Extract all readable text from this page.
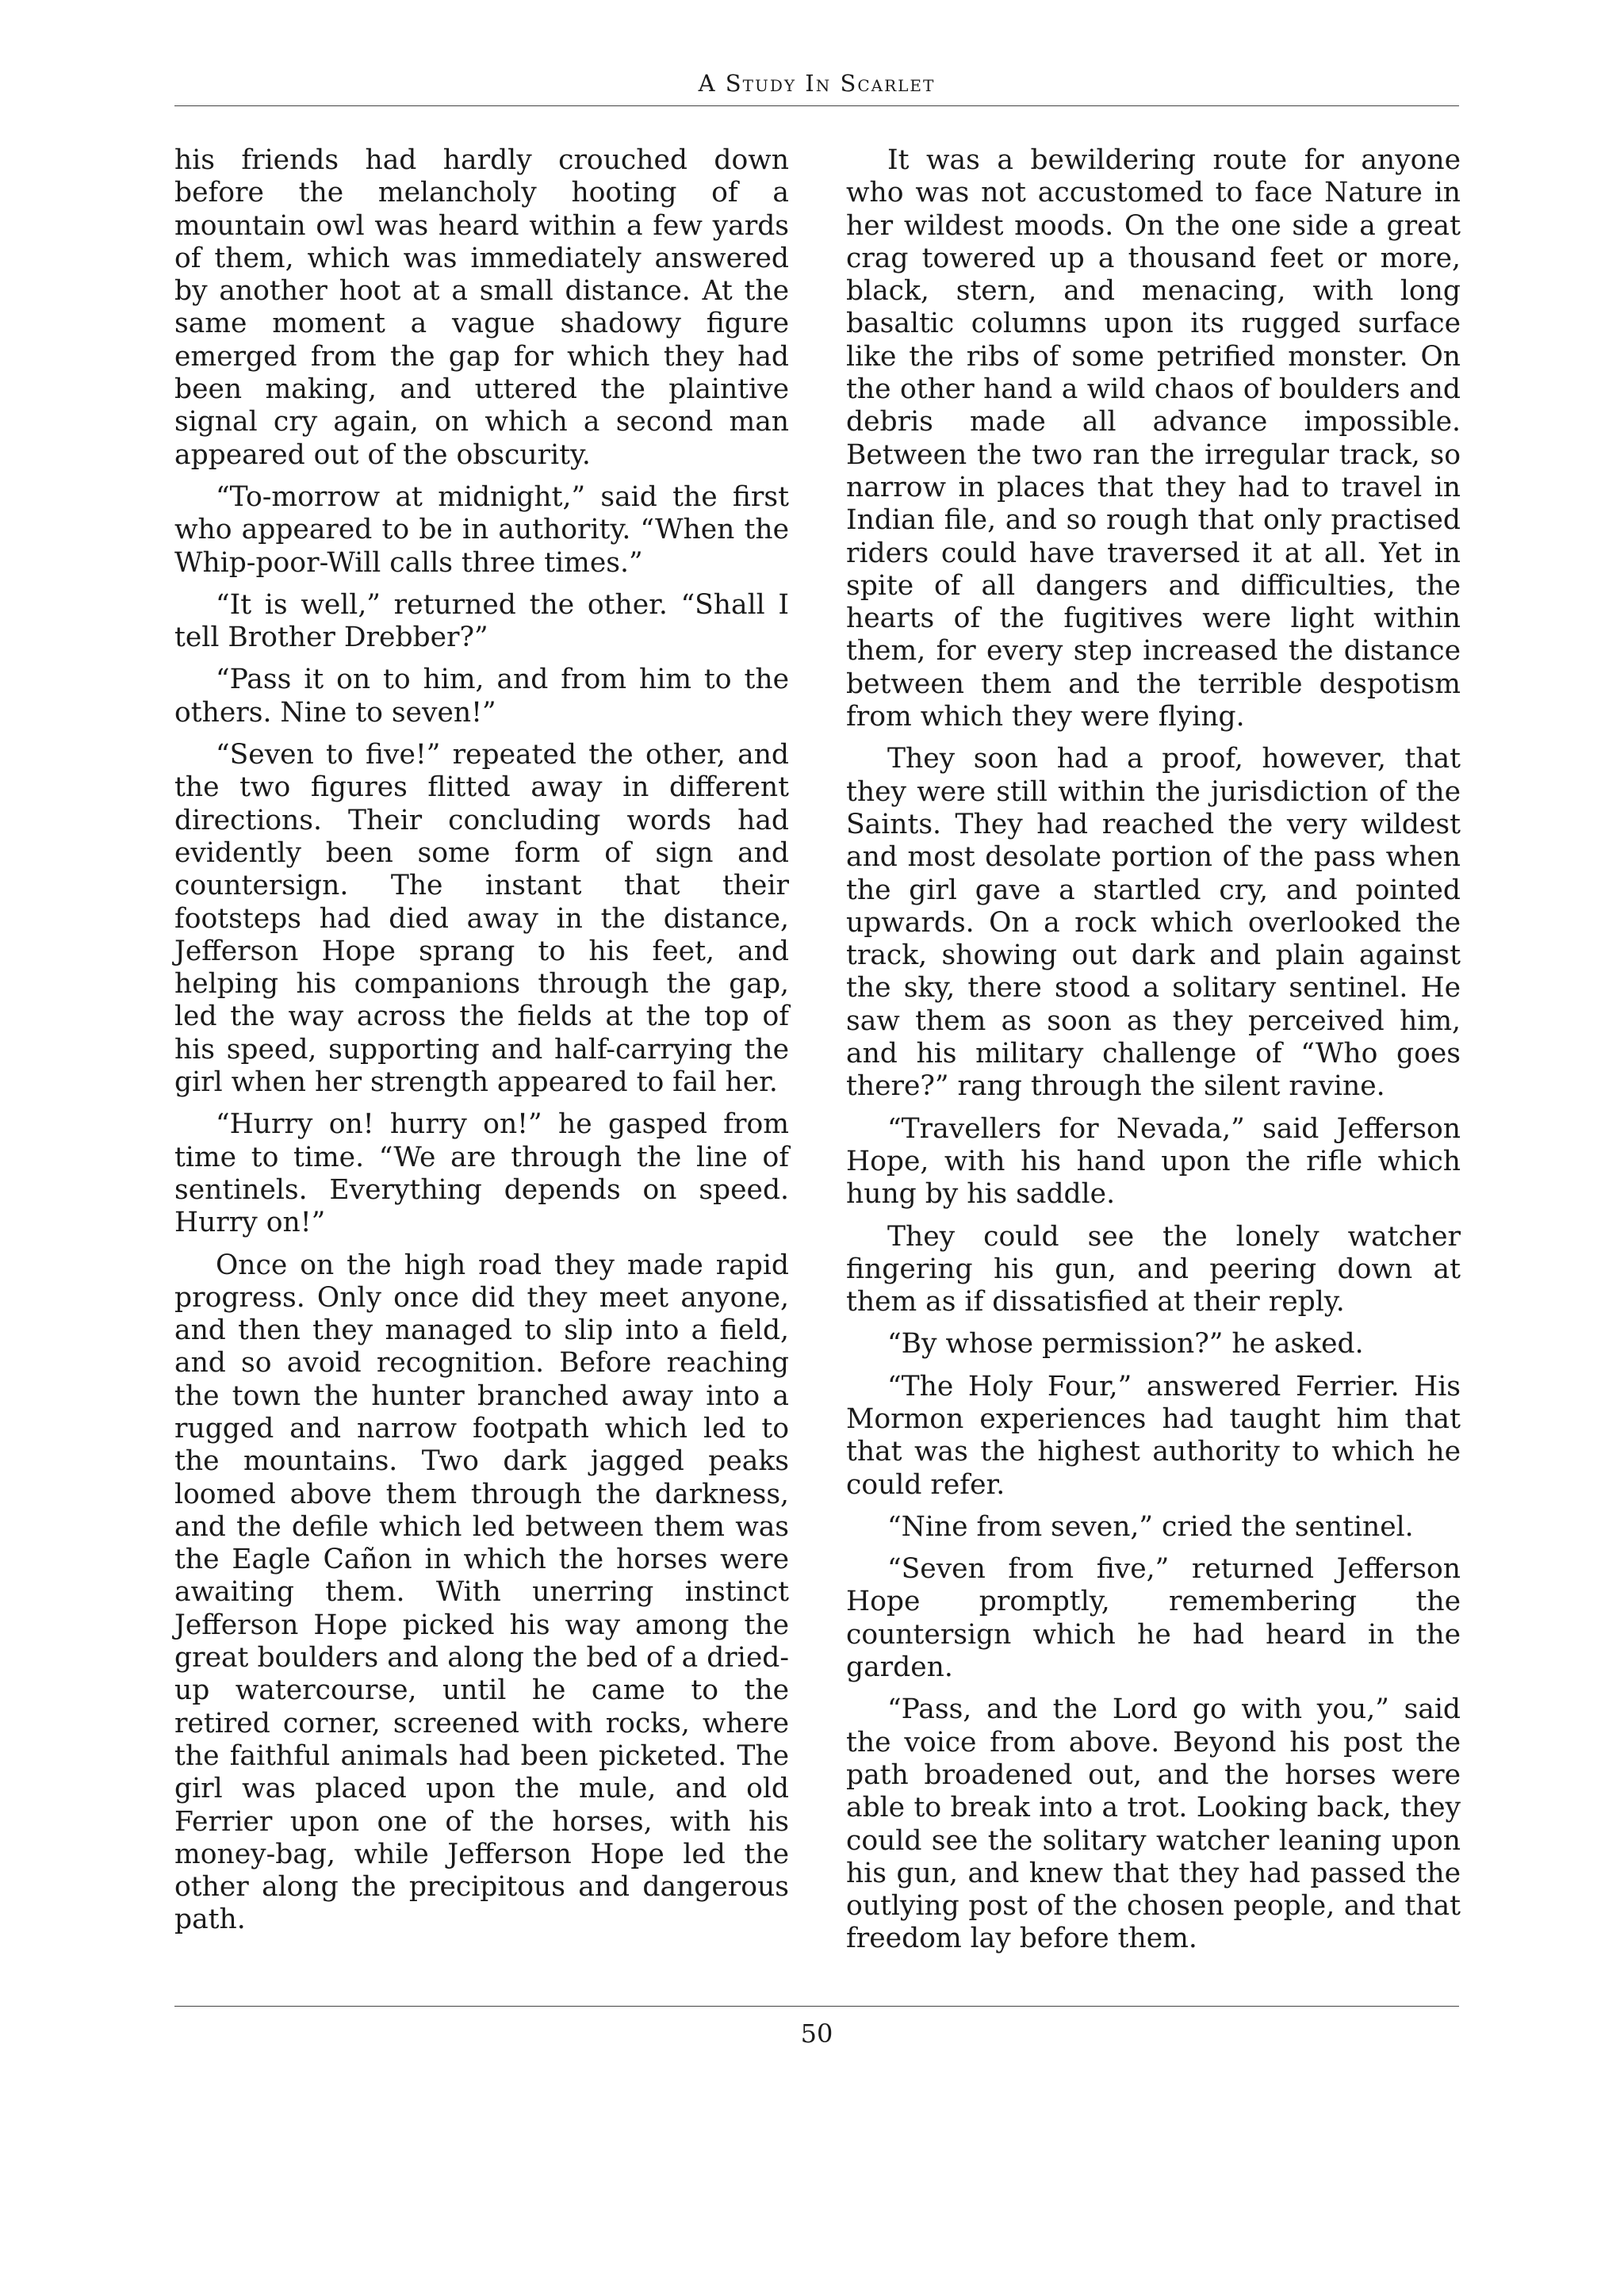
A Study In Scarlet

his friends had hardly crouched down before the melancholy hooting of a mountain owl was heard within a few yards of them, which was immediately answered by another hoot at a small distance. At the same moment a vague shadowy figure emerged from the gap for which they had been making, and uttered the plaintive signal cry again, on which a second man appeared out of the obscurity.

“To-morrow at midnight,” said the first who appeared to be in authority. “When the Whip-poor-Will calls three times.”

“It is well,” returned the other. “Shall I tell Brother Drebber?”

“Pass it on to him, and from him to the others. Nine to seven!”

“Seven to five!” repeated the other, and the two figures flitted away in different directions. Their concluding words had evidently been some form of sign and countersign. The instant that their footsteps had died away in the distance, Jefferson Hope sprang to his feet, and helping his companions through the gap, led the way across the fields at the top of his speed, supporting and half-carrying the girl when her strength appeared to fail her.

“Hurry on! hurry on!” he gasped from time to time. “We are through the line of sentinels. Everything depends on speed. Hurry on!”

Once on the high road they made rapid progress. Only once did they meet anyone, and then they managed to slip into a field, and so avoid recognition. Before reaching the town the hunter branched away into a rugged and narrow footpath which led to the mountains. Two dark jagged peaks loomed above them through the darkness, and the defile which led between them was the Eagle Cañon in which the horses were awaiting them. With unerring instinct Jefferson Hope picked his way among the great boulders and along the bed of a dried-up watercourse, until he came to the retired corner, screened with rocks, where the faithful animals had been picketed. The girl was placed upon the mule, and old Ferrier upon one of the horses, with his money-bag, while Jefferson Hope led the other along the precipitous and dangerous path.

It was a bewildering route for anyone who was not accustomed to face Nature in her wildest moods. On the one side a great crag towered up a thousand feet or more, black, stern, and menacing, with long basaltic columns upon its rugged surface like the ribs of some petrified monster. On the other hand a wild chaos of boulders and debris made all advance impossible. Between the two ran the irregular track, so narrow in places that they had to travel in Indian file, and so rough that only practised riders could have traversed it at all. Yet in spite of all dangers and difficulties, the hearts of the fugitives were light within them, for every step increased the distance between them and the terrible despotism from which they were flying.

They soon had a proof, however, that they were still within the jurisdiction of the Saints. They had reached the very wildest and most desolate portion of the pass when the girl gave a startled cry, and pointed upwards. On a rock which overlooked the track, showing out dark and plain against the sky, there stood a solitary sentinel. He saw them as soon as they perceived him, and his military challenge of “Who goes there?” rang through the silent ravine.

“Travellers for Nevada,” said Jefferson Hope, with his hand upon the rifle which hung by his saddle.

They could see the lonely watcher fingering his gun, and peering down at them as if dissatisfied at their reply.

“By whose permission?” he asked.

“The Holy Four,” answered Ferrier. His Mormon experiences had taught him that that was the highest authority to which he could refer.

“Nine from seven,” cried the sentinel.

“Seven from five,” returned Jefferson Hope promptly, remembering the countersign which he had heard in the garden.

“Pass, and the Lord go with you,” said the voice from above. Beyond his post the path broadened out, and the horses were able to break into a trot. Looking back, they could see the solitary watcher leaning upon his gun, and knew that they had passed the outlying post of the chosen people, and that freedom lay before them.

50
